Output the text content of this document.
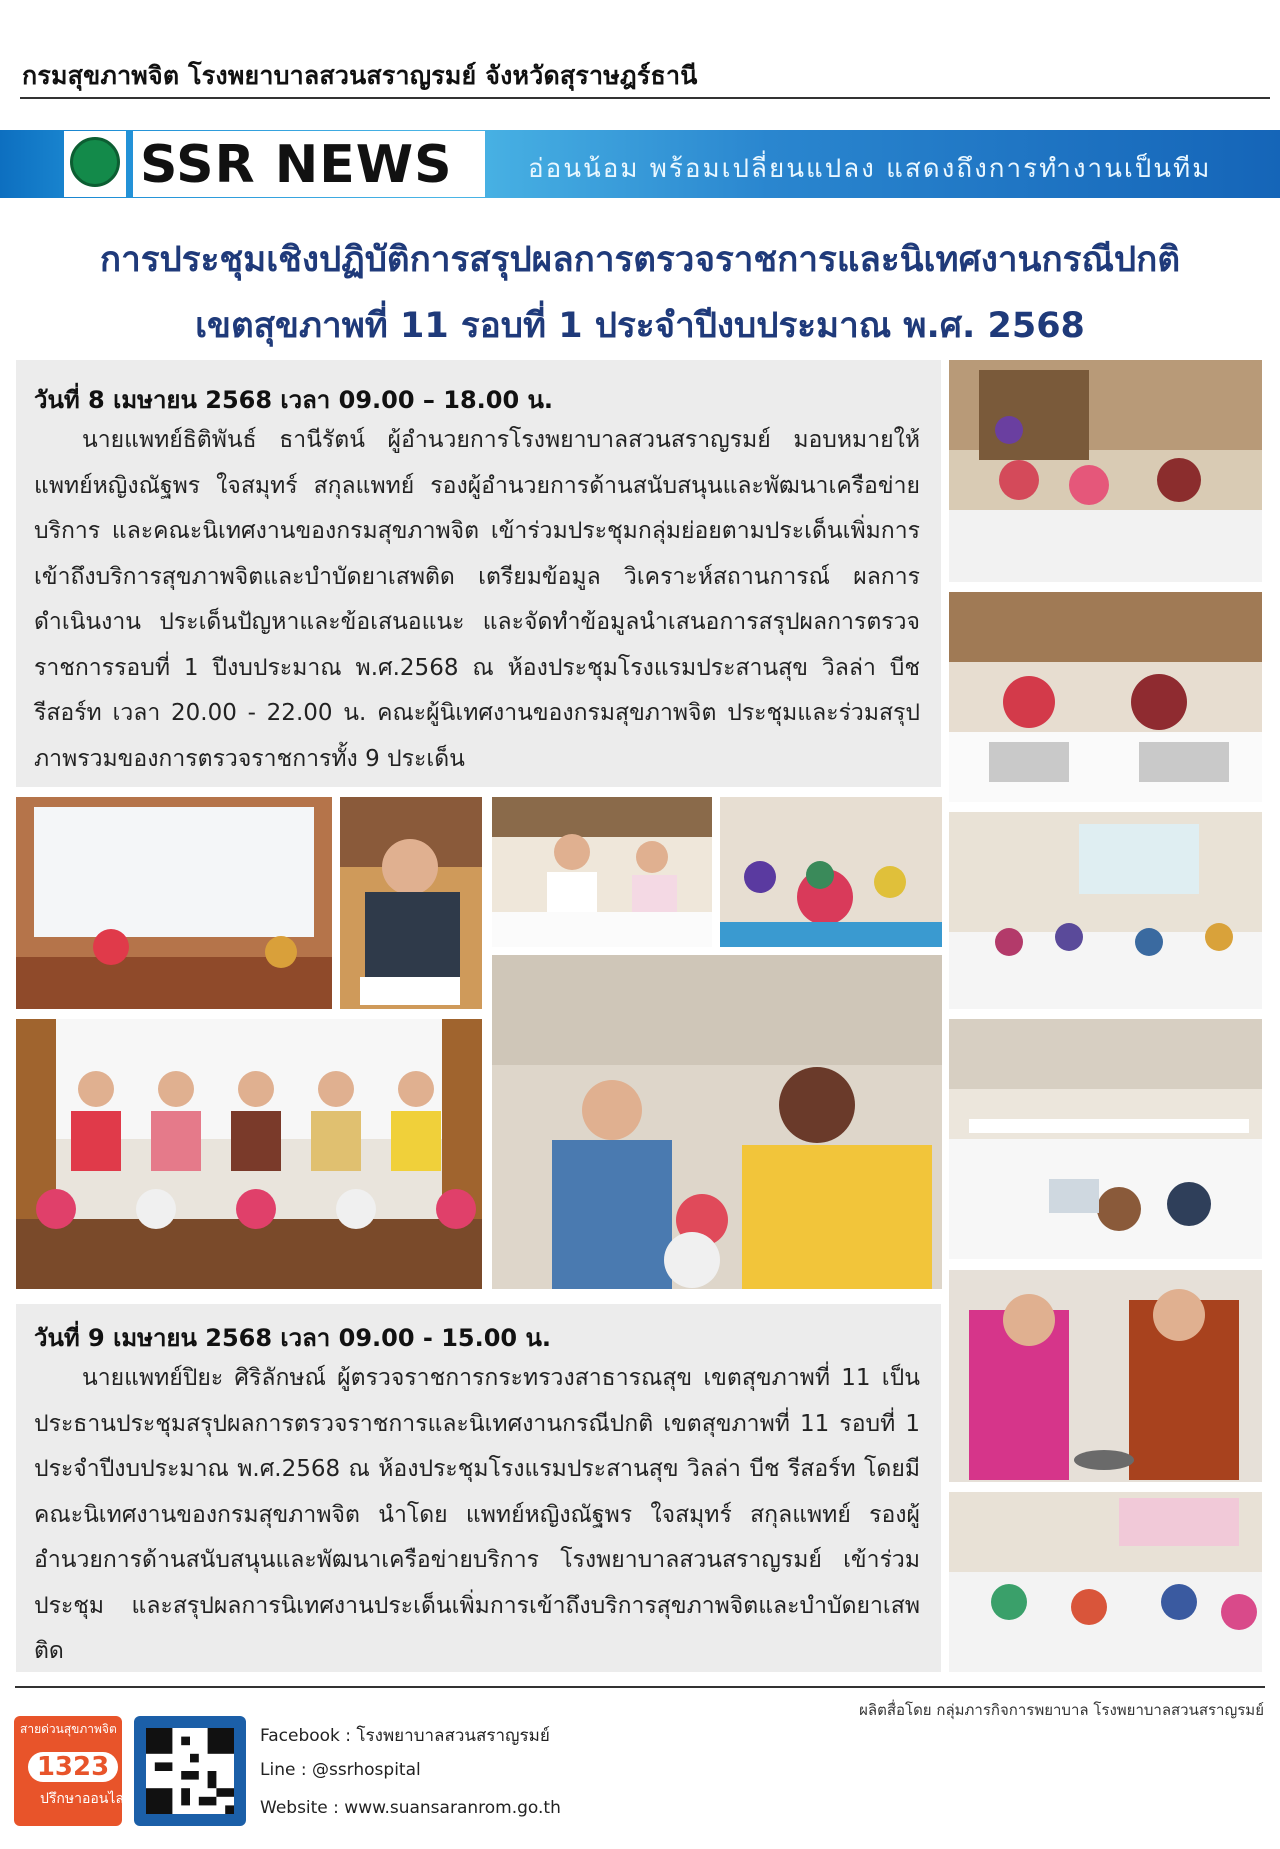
กรมสุขภาพจิต โรงพยาบาลสวนสราญรมย์ จังหวัดสุราษฎร์ธานี
SSR NEWS	อ่อนน้อม พร้อมเปลี่ยนแปลง แสดงถึงการทำงานเป็นทีม
การประชุมเชิงปฏิบัติการสรุปผลการตรวจราชการและนิเทศงานกรณีปกติ
เขตสุขภาพที่ 11 รอบที่ 1 ประจำปีงบประมาณ พ.ศ. 2568
วันที่ 8 เมษายน 2568 เวลา 09.00 – 18.00 น.
นายแพทย์ธิติพันธ์ ธานีรัตน์ ผู้อำนวยการโรงพยาบาลสวนสราญรมย์ มอบหมายให้แพทย์หญิงณัฐพร ใจสมุทร์ สกุลแพทย์ รองผู้อำนวยการด้านสนับสนุนและพัฒนาเครือข่ายบริการ และคณะนิเทศงานของกรมสุขภาพจิต เข้าร่วมประชุมกลุ่มย่อยตามประเด็นเพิ่มการเข้าถึงบริการสุขภาพจิตและบำบัดยาเสพติด เตรียมข้อมูล วิเคราะห์สถานการณ์ ผลการดำเนินงาน ประเด็นปัญหาและข้อเสนอแนะ และจัดทำข้อมูลนำเสนอการสรุปผลการตรวจราชการรอบที่ 1 ปีงบประมาณ พ.ศ.2568 ณ ห้องประชุมโรงแรมประสานสุข วิลล่า บีช รีสอร์ท เวลา 20.00 - 22.00 น. คณะผู้นิเทศงานของกรมสุขภาพจิต ประชุมและร่วมสรุปภาพรวมของการตรวจราชการทั้ง 9 ประเด็น
วันที่ 9 เมษายน 2568 เวลา 09.00 - 15.00 น.
นายแพทย์ปิยะ ศิริลักษณ์ ผู้ตรวจราชการกระทรวงสาธารณสุข เขตสุขภาพที่ 11 เป็นประธานประชุมสรุปผลการตรวจราชการและนิเทศงานกรณีปกติ เขตสุขภาพที่ 11 รอบที่ 1 ประจำปีงบประมาณ พ.ศ.2568 ณ ห้องประชุมโรงแรมประสานสุข วิลล่า บีช รีสอร์ท โดยมีคณะนิเทศงานของกรมสุขภาพจิต นำโดย แพทย์หญิงณัฐพร ใจสมุทร์ สกุลแพทย์ รองผู้อำนวยการด้านสนับสนุนและพัฒนาเครือข่ายบริการ โรงพยาบาลสวนสราญรมย์ เข้าร่วมประชุม และสรุปผลการนิเทศงานประเด็นเพิ่มการเข้าถึงบริการสุขภาพจิตและบำบัดยาเสพติด
ผลิตสื่อโดย กลุ่มภารกิจการพยาบาล โรงพยาบาลสวนสราญรมย์
สายด่วนสุขภาพจิต
1323
ปรึกษาออนไลน์
Facebook : โรงพยาบาลสวนสราญรมย์
Line : @ssrhospital
Website : www.suansaranrom.go.th
